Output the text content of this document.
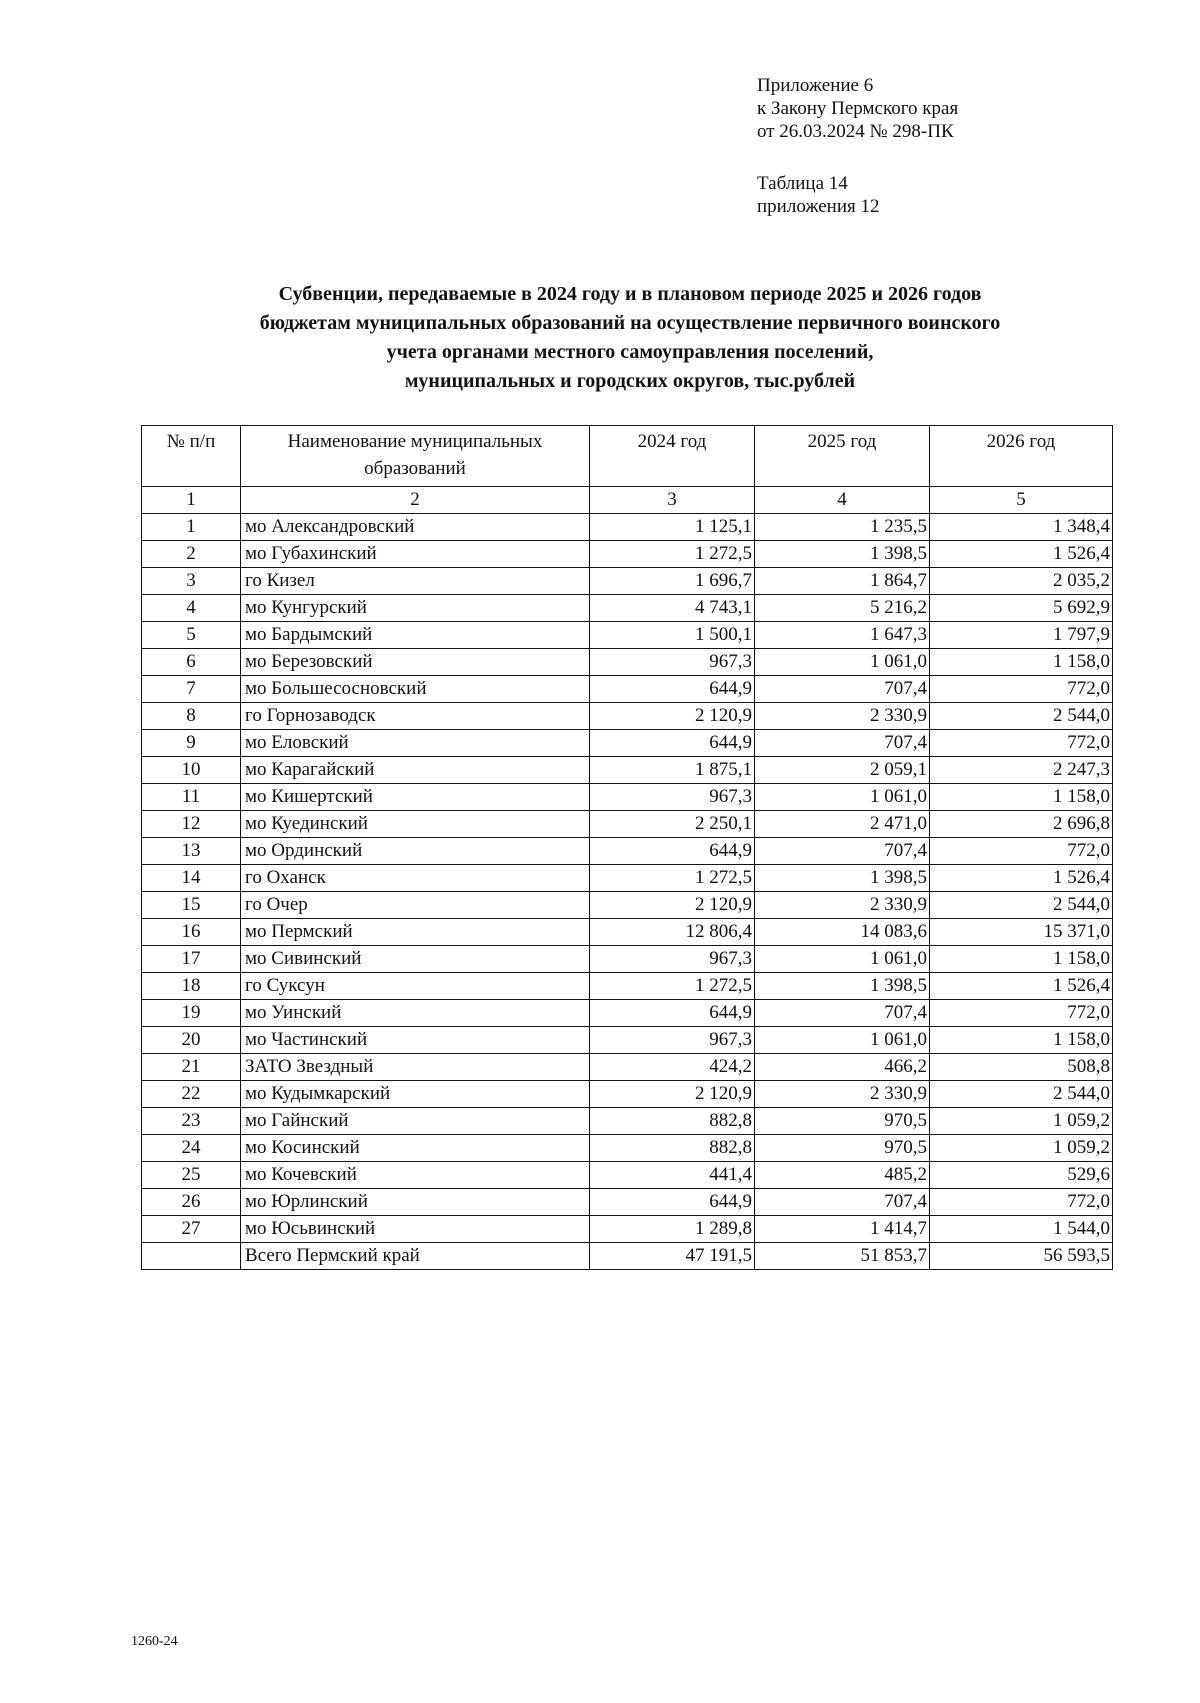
Приложение 6
к Закону Пермского края
от 26.03.2024 № 298-ПК
Таблица 14
приложения 12
Субвенции, передаваемые в 2024 году и в плановом периоде 2025 и 2026 годов
бюджетам муниципальных образований на осуществление первичного воинского
учета органами местного самоуправления поселений,
муниципальных и городских округов, тыс.рублей
№ п/п	Наименование муниципальных образований	2024 год	2025 год	2026 год
1	2	3	4	5
1	мо Александровский	1 125,1	1 235,5	1 348,4
2	мо Губахинский	1 272,5	1 398,5	1 526,4
3	го Кизел	1 696,7	1 864,7	2 035,2
4	мо Кунгурский	4 743,1	5 216,2	5 692,9
5	мо Бардымский	1 500,1	1 647,3	1 797,9
6	мо Березовский	967,3	1 061,0	1 158,0
7	мо Большесосновский	644,9	707,4	772,0
8	го Горнозаводск	2 120,9	2 330,9	2 544,0
9	мо Еловский	644,9	707,4	772,0
10	мо Карагайский	1 875,1	2 059,1	2 247,3
11	мо Кишертский	967,3	1 061,0	1 158,0
12	мо Куединский	2 250,1	2 471,0	2 696,8
13	мо Ординский	644,9	707,4	772,0
14	го Оханск	1 272,5	1 398,5	1 526,4
15	го Очер	2 120,9	2 330,9	2 544,0
16	мо Пермский	12 806,4	14 083,6	15 371,0
17	мо Сивинский	967,3	1 061,0	1 158,0
18	го Суксун	1 272,5	1 398,5	1 526,4
19	мо Уинский	644,9	707,4	772,0
20	мо Частинский	967,3	1 061,0	1 158,0
21	ЗАТО Звездный	424,2	466,2	508,8
22	мо Кудымкарский	2 120,9	2 330,9	2 544,0
23	мо Гайнский	882,8	970,5	1 059,2
24	мо Косинский	882,8	970,5	1 059,2
25	мо Кочевский	441,4	485,2	529,6
26	мо Юрлинский	644,9	707,4	772,0
27	мо Юсьвинский	1 289,8	1 414,7	1 544,0
	Всего Пермский край	47 191,5	51 853,7	56 593,5
1260-24
